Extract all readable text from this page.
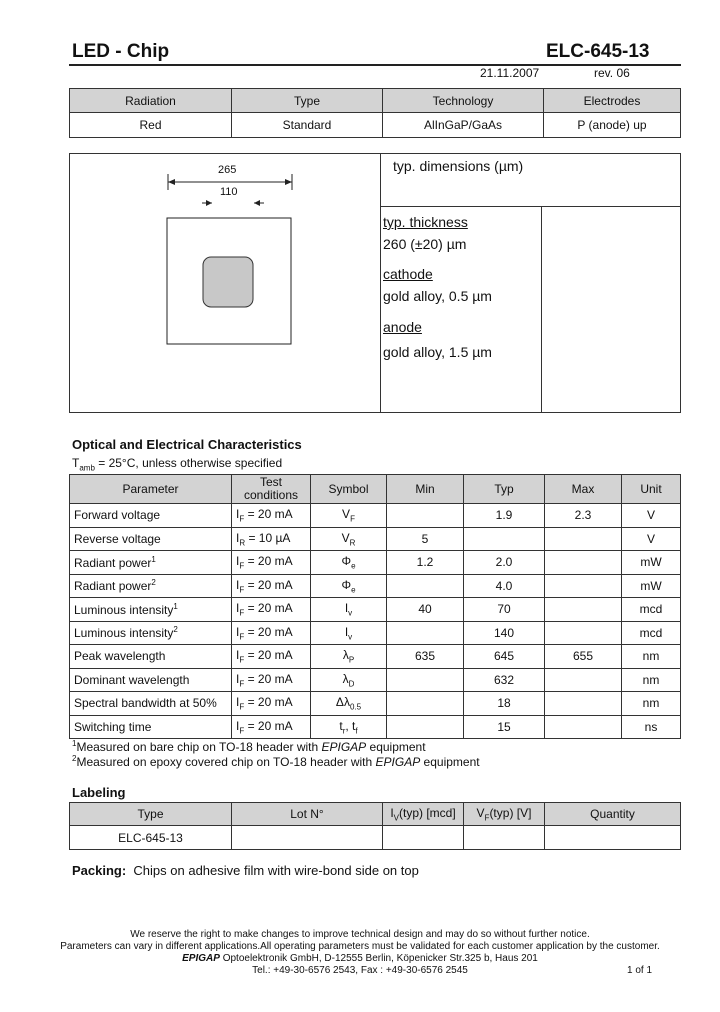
LED - Chip	ELC-645-13
21.11.2007	rev. 06
Radiation	Type	Technology	Electrodes
Red	Standard	AlInGaP/GaAs	P (anode) up
265
110
typ. dimensions (µm)
typ. thickness
260 (±20) µm
cathode
gold alloy, 0.5 µm
anode
gold alloy, 1.5 µm
Optical and Electrical Characteristics
$T_{amb} = 25^\circ C$, unless otherwise specified
Parameter	Test conditions	Symbol	Min	Typ	Max	Unit
Forward voltage	$I_F = 20$ mA	$V_F$		1.9	2.3	V
Reverse voltage	$I_R = 10$ µA	$V_R$	5			V
Radiant power$^1$	$I_F = 20$ mA	$\Phi_e$	1.2	2.0		mW
Radiant power$^2$	$I_F = 20$ mA	$\Phi_e$		4.0		mW
Luminous intensity$^1$	$I_F = 20$ mA	$I_v$	40	70		mcd
Luminous intensity$^2$	$I_F = 20$ mA	$I_v$		140		mcd
Peak wavelength	$I_F = 20$ mA	$\lambda_P$	635	645	655	nm
Dominant wavelength	$I_F = 20$ mA	$\lambda_D$		632		nm
Spectral bandwidth at 50%	$I_F = 20$ mA	$\Delta\lambda_{0.5}$		18		nm
Switching time	$I_F = 20$ mA	$t_r$, $t_f$		15		ns
$^1$Measured on bare chip on TO-18 header with EPIGAP equipment
$^2$Measured on epoxy covered chip on TO-18 header with EPIGAP equipment
Labeling
Type	Lot N°	$I_V(typ)$ [mcd]	$V_F(typ)$ [V]	Quantity
ELC-645-13				
Packing: Chips on adhesive film with wire-bond side on top
We reserve the right to make changes to improve technical design and may do so without further notice.
Parameters can vary in different applications.All operating parameters must be validated for each customer application by the customer.
EPIGAP Optoelektronik GmbH, D-12555 Berlin, Köpenicker Str.325 b, Haus 201
Tel.: +49-30-6576 2543, Fax : +49-30-6576 2545	1 of 1
